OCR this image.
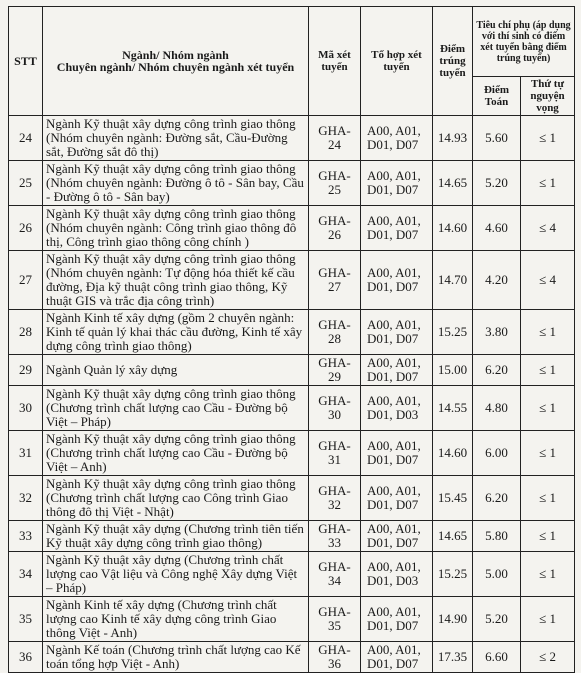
STT	Ngành/ Nhóm ngành
Chuyên ngành/ Nhóm chuyên ngành xét tuyển	Mã xét tuyển	Tổ hợp xét tuyển	Điểm trúng tuyển	Tiêu chí phụ (áp dụng với thí sinh có điểm xét tuyển bằng điểm trúng tuyển)	
					Điểm Toán	Thứ tự nguyện vọng
24	Ngành Kỹ thuật xây dựng công trình giao thông (Nhóm chuyên ngành: Đường sắt, Cầu-Đường sắt, Đường sắt đô thị)	GHA-24	A00, A01, D01, D07	14.93	5.60	≤ 1
25	Ngành Kỹ thuật xây dựng công trình giao thông (Nhóm chuyên ngành: Đường ô tô - Sân bay, Cầu - Đường ô tô - Sân bay)	GHA-25	A00, A01, D01, D07	14.65	5.20	≤ 1
26	Ngành Kỹ thuật xây dựng công trình giao thông (Nhóm chuyên ngành: Công trình giao thông đô thị, Công trình giao thông công chính )	GHA-26	A00, A01, D01, D07	14.60	4.60	≤ 4
27	Ngành Kỹ thuật xây dựng công trình giao thông (Nhóm chuyên ngành: Tự động hóa thiết kế cầu đường, Địa kỹ thuật công trình giao thông, Kỹ thuật GIS và trắc địa công trình)	GHA-27	A00, A01, D01, D07	14.70	4.20	≤ 4
28	Ngành Kinh tế xây dựng (gồm 2 chuyên ngành: Kinh tế quản lý khai thác cầu đường, Kinh tế xây dựng công trình giao thông)	GHA-28	A00, A01, D01, D07	15.25	3.80	≤ 1
29	Ngành Quản lý xây dựng	GHA-29	A00, A01, D01, D07	15.00	6.20	≤ 1
30	Ngành Kỹ thuật xây dựng công trình giao thông (Chương trình chất lượng cao Cầu - Đường bộ Việt – Pháp)	GHA-30	A00, A01, D01, D03	14.55	4.80	≤ 1
31	Ngành Kỹ thuật xây dựng công trình giao thông (Chương trình chất lượng cao Cầu - Đường bộ Việt – Anh)	GHA-31	A00, A01, D01, D07	14.60	6.00	≤ 1
32	Ngành Kỹ thuật xây dựng công trình giao thông (Chương trình chất lượng cao Công trình Giao thông đô thị Việt - Nhật)	GHA-32	A00, A01, D01, D07	15.45	6.20	≤ 1
33	Ngành Kỹ thuật xây dựng (Chương trình tiên tiến Kỹ thuật xây dựng công trình giao thông)	GHA-33	A00, A01, D01, D07	14.65	5.80	≤ 1
34	Ngành Kỹ thuật xây dựng (Chương trình chất lượng cao Vật liệu và Công nghệ Xây dựng Việt – Pháp)	GHA-34	A00, A01, D01, D03	15.25	5.00	≤ 1
35	Ngành Kinh tế xây dựng (Chương trình chất lượng cao Kinh tế xây dựng công trình Giao thông Việt - Anh)	GHA-35	A00, A01, D01, D07	14.90	5.20	≤ 1
36	Ngành Kế toán (Chương trình chất lượng cao Kế toán tổng hợp Việt - Anh)	GHA-36	A00, A01, D01, D07	17.35	6.60	≤ 2
